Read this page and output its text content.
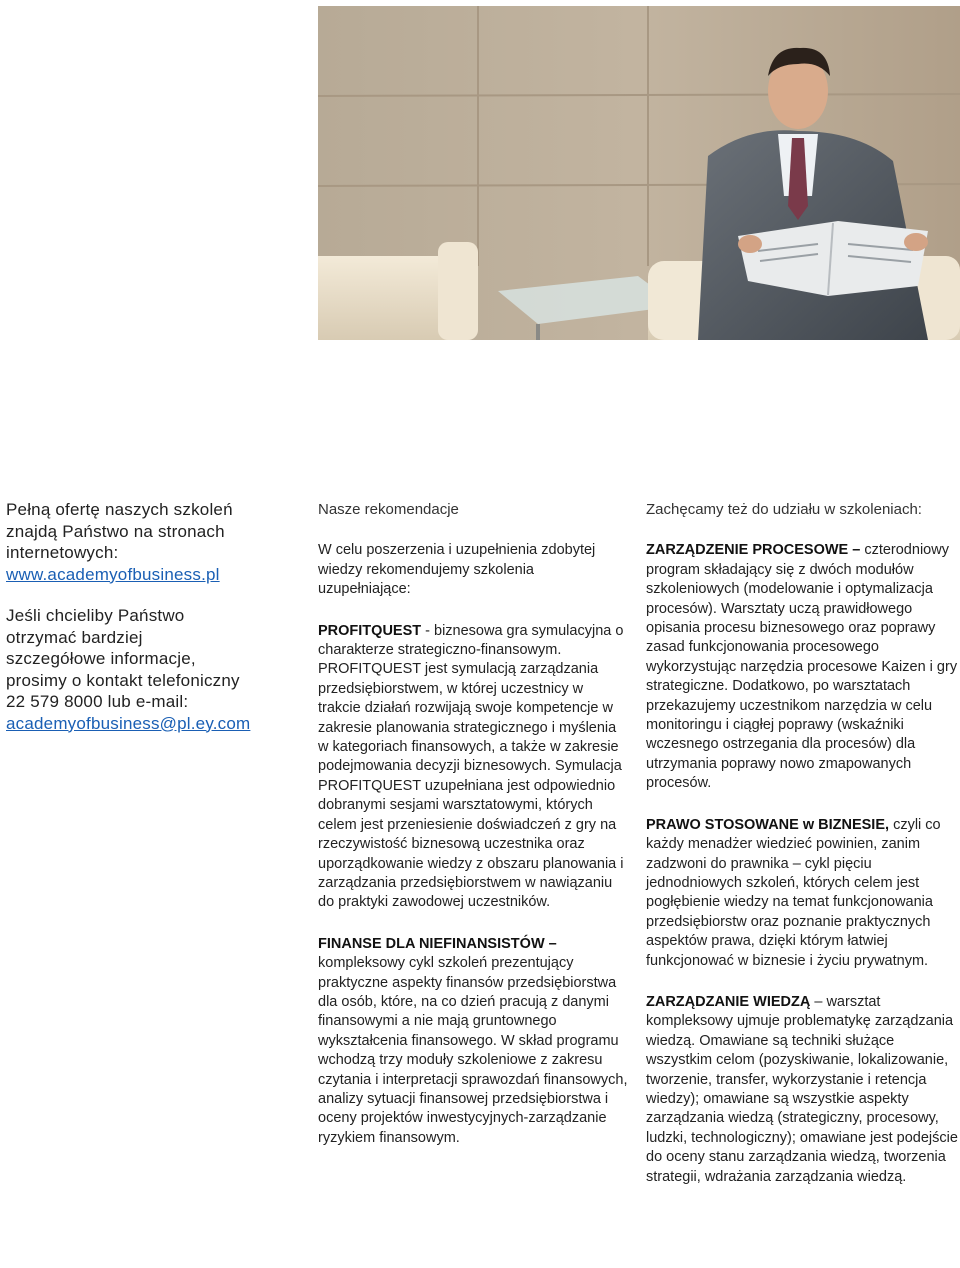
Pełną ofertę naszych szkoleń
znajdą Państwo na stronach
internetowych:
www.academyofbusiness.pl
Jeśli chcieliby Państwo
otrzymać bardziej
szczegółowe informacje,
prosimy o kontakt telefoniczny
22 579 8000 lub e-mail:
academyofbusiness@pl.ey.com
Nasze rekomendacje

W celu poszerzenia i uzupełnienia zdobytej wiedzy rekomendujemy szkolenia uzupełniające:

PROFITQUEST - biznesowa gra symulacyjna o charakterze strategiczno-finansowym. PROFITQUEST jest symulacją zarządzania przedsiębiorstwem, w której uczestnicy w trakcie działań rozwijają swoje kompetencje w zakresie planowania strategicznego i myślenia w kategoriach finansowych, a także w zakresie podejmowania decyzji biznesowych. Symulacja PROFITQUEST uzupełniana jest odpowiednio dobranymi sesjami warsztatowymi, których celem jest przeniesienie doświadczeń z gry na rzeczywistość biznesową uczestnika oraz uporządkowanie wiedzy z obszaru planowania i zarządzania przedsiębiorstwem w nawiązaniu do praktyki zawodowej uczestników.

FINANSE DLA NIEFINANSISTÓW – kompleksowy cykl szkoleń prezentujący praktyczne aspekty finansów przedsiębiorstwa dla osób, które, na co dzień pracują z danymi finansowymi a nie mają gruntownego wykształcenia finansowego. W skład programu wchodzą trzy moduły szkoleniowe z zakresu czytania i interpretacji sprawozdań finansowych, analizy sytuacji finansowej przedsiębiorstwa i oceny projektów inwestycyjnych-zarządzanie ryzykiem finansowym.

Zachęcamy też do udziału w szkoleniach:

ZARZĄDZENIE PROCESOWE – czterodniowy program składający się z dwóch modułów szkoleniowych (modelowanie i optymalizacja procesów). Warsztaty uczą prawidłowego opisania procesu biznesowego oraz poprawy zasad funkcjonowania procesowego wykorzystując narzędzia procesowe Kaizen i gry strategiczne. Dodatkowo, po warsztatach przekazujemy uczestnikom narzędzia w celu monitoringu i ciągłej poprawy (wskaźniki wczesnego ostrzegania dla procesów) dla utrzymania poprawy nowo zmapowanych procesów.

PRAWO STOSOWANE w BIZNESIE, czyli co każdy menadżer wiedzieć powinien, zanim zadzwoni do prawnika – cykl pięciu jednodniowych szkoleń, których celem jest pogłębienie wiedzy na temat funkcjonowania przedsiębiorstw oraz poznanie praktycznych aspektów prawa, dzięki którym łatwiej funkcjonować w biznesie i życiu prywatnym.

ZARZĄDZANIE WIEDZĄ – warsztat kompleksowy ujmuje problematykę zarządzania wiedzą. Omawiane są techniki służące wszystkim celom (pozyskiwanie, lokalizowanie, tworzenie, transfer, wykorzystanie i retencja wiedzy); omawiane są wszystkie aspekty zarządzania wiedzą (strategiczny, procesowy, ludzki, technologiczny); omawiane jest podejście do oceny stanu zarządzania wiedzą, tworzenia strategii, wdrażania zarządzania wiedzą.
